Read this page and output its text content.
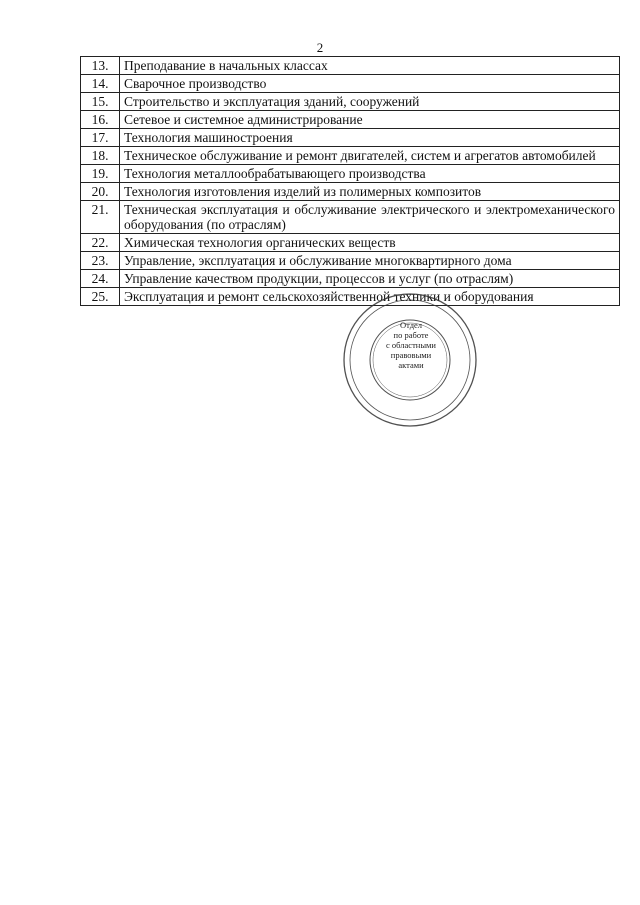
2
13.	Преподавание в начальных классах
14.	Сварочное производство
15.	Строительство и эксплуатация зданий, сооружений
16.	Сетевое и системное администрирование
17.	Технология машиностроения
18.	Техническое обслуживание и ремонт двигателей, систем и агрегатов автомобилей
19.	Технология металлообрабатывающего производства
20.	Технология изготовления изделий из полимерных композитов
21.	Техническая эксплуатация и обслуживание электрического и электромеханического оборудования (по отраслям)
22.	Химическая технология органических веществ
23.	Управление, эксплуатация и обслуживание многоквартирного дома
24.	Управление качеством продукции, процессов и услуг (по отраслям)
25.	Эксплуатация и ремонт сельскохозяйственной техники и оборудования
Отдел
по работе
с областными
правовыми
актами
